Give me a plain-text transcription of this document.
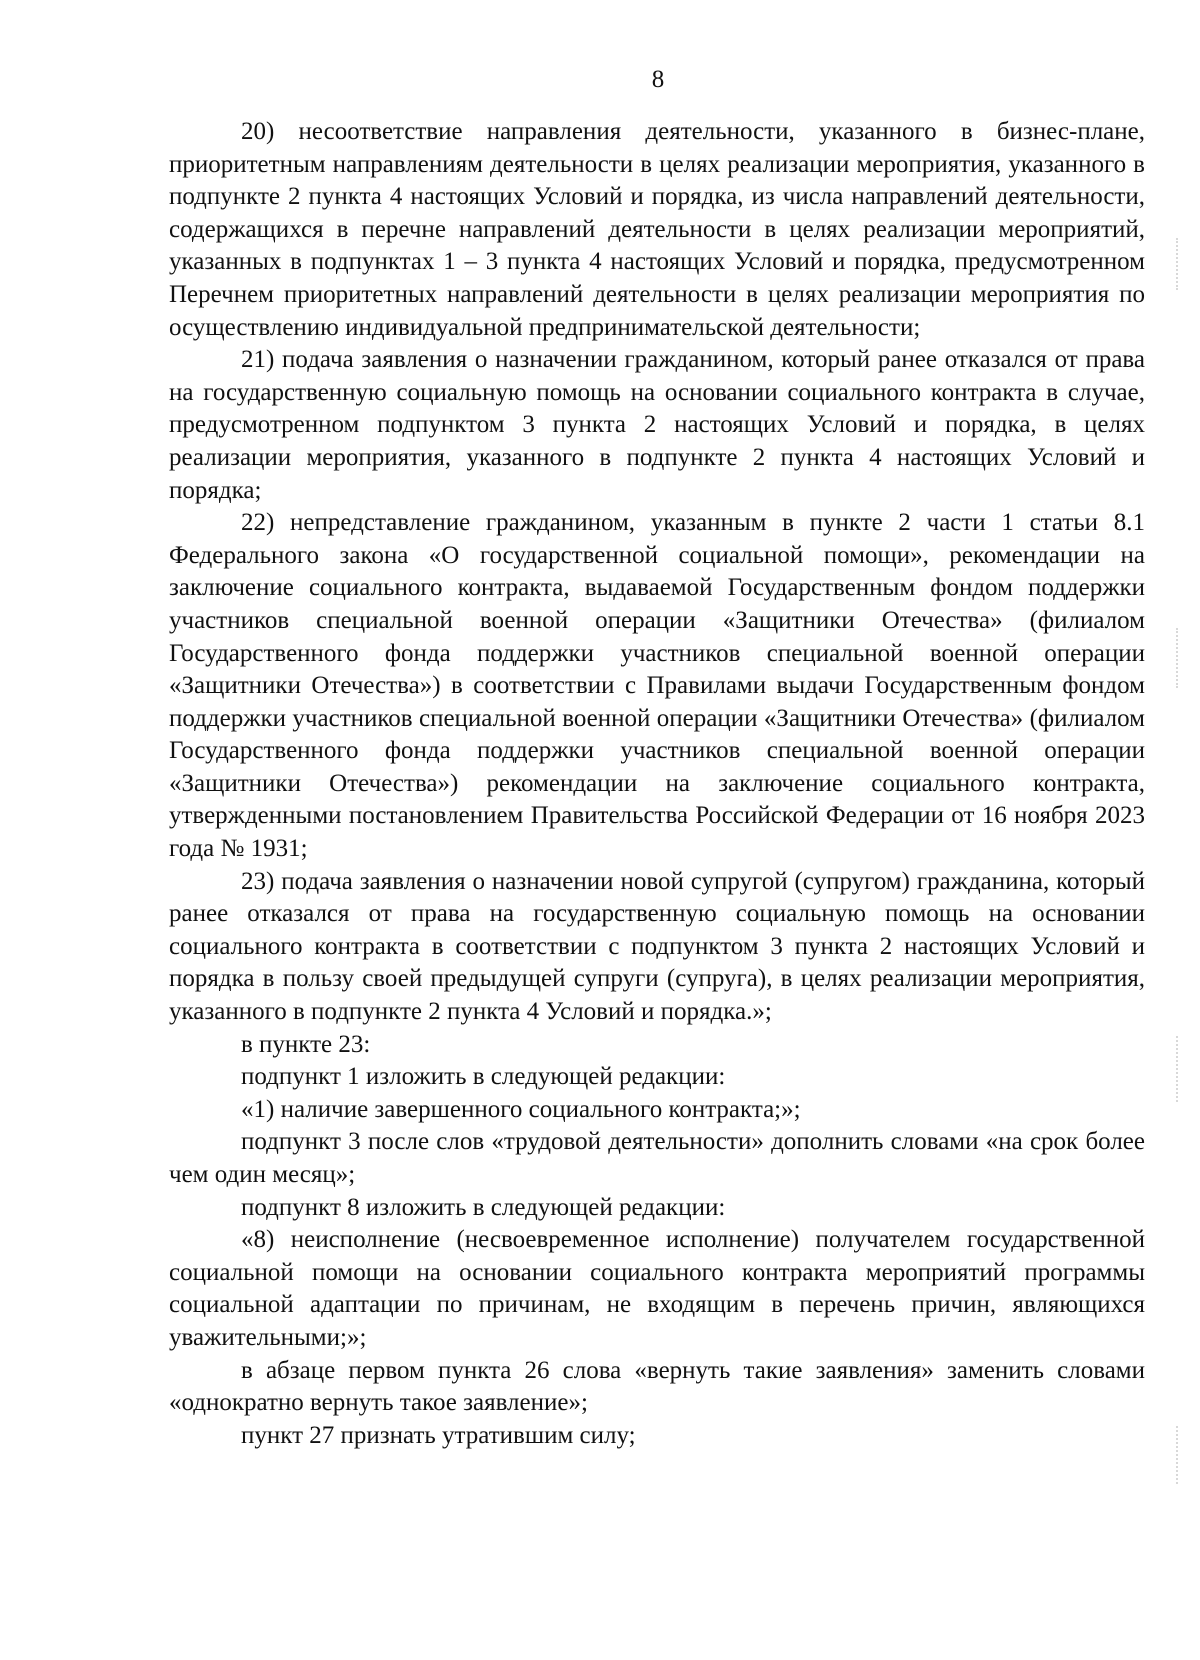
8

20) несоответствие направления деятельности, указанного в бизнес-плане, приоритетным направлениям деятельности в целях реализации мероприятия, указанного в подпункте 2 пункта 4 настоящих Условий и порядка, из числа направлений деятельности, содержащихся в перечне направлений деятельности в целях реализации мероприятий, указанных в подпунктах 1 – 3 пункта 4 настоящих Условий и порядка, предусмотренном Перечнем приоритетных направлений деятельности в целях реализации мероприятия по осуществлению индивидуальной предпринимательской деятельности;

21) подача заявления о назначении гражданином, который ранее отказался от права на государственную социальную помощь на основании социального контракта в случае, предусмотренном подпунктом 3 пункта 2 настоящих Условий и порядка, в целях реализации мероприятия, указанного в подпункте 2 пункта 4 настоящих Условий и порядка;

22) непредставление гражданином, указанным в пункте 2 части 1 статьи 8.1 Федерального закона «О государственной социальной помощи», рекомендации на заключение социального контракта, выдаваемой Государственным фондом поддержки участников специальной военной операции «Защитники Отечества» (филиалом Государственного фонда поддержки участников специальной военной операции «Защитники Отечества») в соответствии с Правилами выдачи Государственным фондом поддержки участников специальной военной операции «Защитники Отечества» (филиалом Государственного фонда поддержки участников специальной военной операции «Защитники Отечества») рекомендации на заключение социального контракта, утвержденными постановлением Правительства Российской Федерации от 16 ноября 2023 года № 1931;

23) подача заявления о назначении новой супругой (супругом) гражданина, который ранее отказался от права на государственную социальную помощь на основании социального контракта в соответствии с подпунктом 3 пункта 2 настоящих Условий и порядка в пользу своей предыдущей супруги (супруга), в целях реализации мероприятия, указанного в подпункте 2 пункта 4 Условий и порядка.»;

в пункте 23:

подпункт 1 изложить в следующей редакции:

«1) наличие завершенного социального контракта;»;

подпункт 3 после слов «трудовой деятельности» дополнить словами «на срок более чем один месяц»;

подпункт 8 изложить в следующей редакции:

«8) неисполнение (несвоевременное исполнение) получателем государственной социальной помощи на основании социального контракта мероприятий программы социальной адаптации по причинам, не входящим в перечень причин, являющихся уважительными;»;

в абзаце первом пункта 26 слова «вернуть такие заявления» заменить словами «однократно вернуть такое заявление»;

пункт 27 признать утратившим силу;
